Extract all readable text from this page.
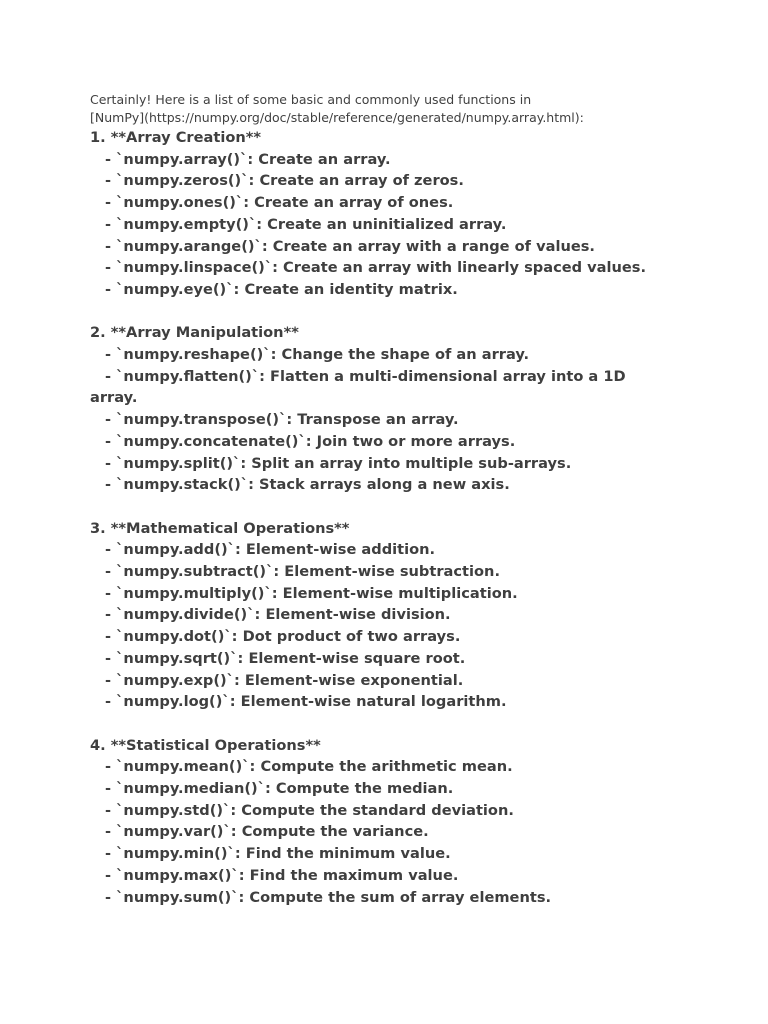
Certainly! Here is a list of some basic and commonly used functions in
[NumPy](https://numpy.org/doc/stable/reference/generated/numpy.array.html):
1. **Array Creation**
- `numpy.array()`: Create an array.
- `numpy.zeros()`: Create an array of zeros.
- `numpy.ones()`: Create an array of ones.
- `numpy.empty()`: Create an uninitialized array.
- `numpy.arange()`: Create an array with a range of values.
- `numpy.linspace()`: Create an array with linearly spaced values.
- `numpy.eye()`: Create an identity matrix.
2. **Array Manipulation**
- `numpy.reshape()`: Change the shape of an array.
- `numpy.flatten()`: Flatten a multi-dimensional array into a 1D array.
- `numpy.transpose()`: Transpose an array.
- `numpy.concatenate()`: Join two or more arrays.
- `numpy.split()`: Split an array into multiple sub-arrays.
- `numpy.stack()`: Stack arrays along a new axis.
3. **Mathematical Operations**
- `numpy.add()`: Element-wise addition.
- `numpy.subtract()`: Element-wise subtraction.
- `numpy.multiply()`: Element-wise multiplication.
- `numpy.divide()`: Element-wise division.
- `numpy.dot()`: Dot product of two arrays.
- `numpy.sqrt()`: Element-wise square root.
- `numpy.exp()`: Element-wise exponential.
- `numpy.log()`: Element-wise natural logarithm.
4. **Statistical Operations**
- `numpy.mean()`: Compute the arithmetic mean.
- `numpy.median()`: Compute the median.
- `numpy.std()`: Compute the standard deviation.
- `numpy.var()`: Compute the variance.
- `numpy.min()`: Find the minimum value.
- `numpy.max()`: Find the maximum value.
- `numpy.sum()`: Compute the sum of array elements.
